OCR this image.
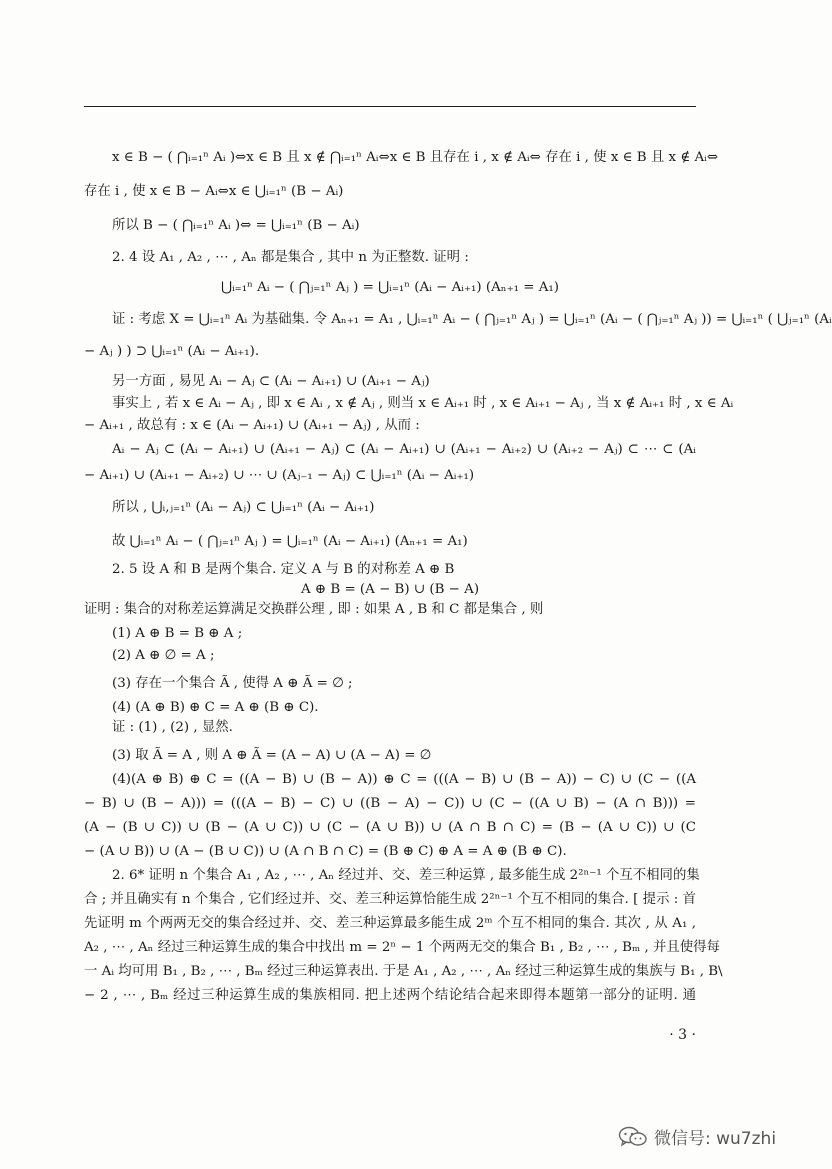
x ∈ B − ( ⋂ᵢ₌₁ⁿ Aᵢ )⇔x ∈ B 且 x ∉ ⋂ᵢ₌₁ⁿ Aᵢ⇔x ∈ B 且存在 i , x ∉ Aᵢ⇔ 存在 i , 使 x ∈ B 且 x ∉ Aᵢ⇔
存在 i , 使 x ∈ B − Aᵢ⇔x ∈ ⋃ᵢ₌₁ⁿ (B − Aᵢ)
所以 B − ( ⋂ᵢ₌₁ⁿ Aᵢ )⇔ = ⋃ᵢ₌₁ⁿ (B − Aᵢ)
2. 4 设 A₁ , A₂ , ⋯ , Aₙ 都是集合 , 其中 n 为正整数. 证明 :
⋃ᵢ₌₁ⁿ Aᵢ − ( ⋂ⱼ₌₁ⁿ Aⱼ ) = ⋃ᵢ₌₁ⁿ (Aᵢ − Aᵢ₊₁) (Aₙ₊₁ = A₁)
证 : 考虑 X = ⋃ᵢ₌₁ⁿ Aᵢ 为基础集. 令 Aₙ₊₁ = A₁ , ⋃ᵢ₌₁ⁿ Aᵢ − ( ⋂ⱼ₌₁ⁿ Aⱼ ) = ⋃ᵢ₌₁ⁿ (Aᵢ − ( ⋂ⱼ₌₁ⁿ Aⱼ )) = ⋃ᵢ₌₁ⁿ ( ⋃ⱼ₌₁ⁿ (Aᵢ
− Aⱼ ) ) ⊃ ⋃ᵢ₌₁ⁿ (Aᵢ − Aᵢ₊₁).
另一方面 , 易见 Aᵢ − Aⱼ ⊂ (Aᵢ − Aᵢ₊₁) ∪ (Aᵢ₊₁ − Aⱼ)
事实上 , 若 x ∈ Aᵢ − Aⱼ , 即 x ∈ Aᵢ , x ∉ Aⱼ , 则当 x ∈ Aᵢ₊₁ 时 , x ∈ Aᵢ₊₁ − Aⱼ , 当 x ∉ Aᵢ₊₁ 时 , x ∈ Aᵢ
− Aᵢ₊₁ , 故总有 : x ∈ (Aᵢ − Aᵢ₊₁) ∪ (Aᵢ₊₁ − Aⱼ) , 从而 :
Aᵢ − Aⱼ ⊂ (Aᵢ − Aᵢ₊₁) ∪ (Aᵢ₊₁ − Aⱼ) ⊂ (Aᵢ − Aᵢ₊₁) ∪ (Aᵢ₊₁ − Aᵢ₊₂) ∪ (Aᵢ₊₂ − Aⱼ) ⊂ ⋯ ⊂ (Aᵢ
− Aᵢ₊₁) ∪ (Aᵢ₊₁ − Aᵢ₊₂) ∪ ⋯ ∪ (Aⱼ₋₁ − Aⱼ) ⊂ ⋃ᵢ₌₁ⁿ (Aᵢ − Aᵢ₊₁)
所以 , ⋃ᵢ,ⱼ₌₁ⁿ (Aᵢ − Aⱼ) ⊂ ⋃ᵢ₌₁ⁿ (Aᵢ − Aᵢ₊₁)
故 ⋃ᵢ₌₁ⁿ Aᵢ − ( ⋂ⱼ₌₁ⁿ Aⱼ ) = ⋃ᵢ₌₁ⁿ (Aᵢ − Aᵢ₊₁) (Aₙ₊₁ = A₁)
2. 5 设 A 和 B 是两个集合. 定义 A 与 B 的对称差 A ⊕ B
A ⊕ B = (A − B) ∪ (B − A)
证明 : 集合的对称差运算满足交换群公理 , 即 : 如果 A , B 和 C 都是集合 , 则
(1) A ⊕ B = B ⊕ A ;
(2) A ⊕ ∅ = A ;
(3) 存在一个集合 Ã , 使得 A ⊕ Ã = ∅ ;
(4) (A ⊕ B) ⊕ C = A ⊕ (B ⊕ C).
证 : (1) , (2) , 显然.
(3) 取 Ã = A , 则 A ⊕ Ã = (A − A) ∪ (A − A) = ∅
(4)(A ⊕ B) ⊕ C = ((A − B) ∪ (B − A)) ⊕ C = (((A − B) ∪ (B − A)) − C) ∪ (C − ((A
− B) ∪ (B − A))) = (((A − B) − C) ∪ ((B − A) − C)) ∪ (C − ((A ∪ B) − (A ∩ B))) =
(A − (B ∪ C)) ∪ (B − (A ∪ C)) ∪ (C − (A ∪ B)) ∪ (A ∩ B ∩ C) = (B − (A ∪ C)) ∪ (C
− (A ∪ B)) ∪ (A − (B ∪ C)) ∪ (A ∩ B ∩ C) = (B ⊕ C) ⊕ A = A ⊕ (B ⊕ C).
2. 6* 证明 n 个集合 A₁ , A₂ , ⋯ , Aₙ 经过并、交、差三种运算 , 最多能生成 2²ⁿ⁻¹ 个互不相同的集
合 ; 并且确实有 n 个集合 , 它们经过并、交、差三种运算恰能生成 2²ⁿ⁻¹ 个互不相同的集合. [ 提示 : 首
先证明 m 个两两无交的集合经过并、交、差三种运算最多能生成 2ᵐ 个互不相同的集合. 其次 , 从 A₁ ,
A₂ , ⋯ , Aₙ 经过三种运算生成的集合中找出 m = 2ⁿ − 1 个两两无交的集合 B₁ , B₂ , ⋯ , Bₘ , 并且使得每
一 Aᵢ 均可用 B₁ , B₂ , ⋯ , Bₘ 经过三种运算表出. 于是 A₁ , A₂ , ⋯ , Aₙ 经过三种运算生成的集族与 B₁ , B\
− 2 , ⋯ , Bₘ 经过三种运算生成的集族相同. 把上述两个结论结合起来即得本题第一部分的证明. 通
· 3 ·
微信号: wu7zhi
